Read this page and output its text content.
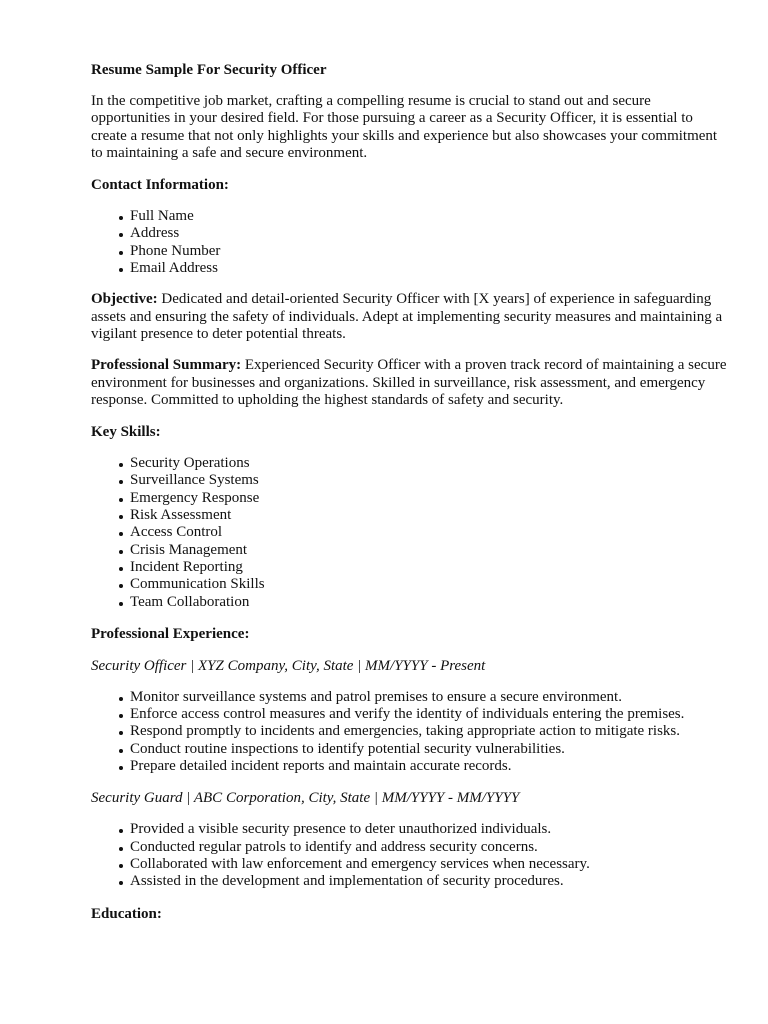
Resume Sample For Security Officer
In the competitive job market, crafting a compelling resume is crucial to stand out and secure opportunities in your desired field. For those pursuing a career as a Security Officer, it is essential to create a resume that not only highlights your skills and experience but also showcases your commitment to maintaining a safe and secure environment.
Contact Information:
Full Name
Address
Phone Number
Email Address
Objective: Dedicated and detail-oriented Security Officer with [X years] of experience in safeguarding assets and ensuring the safety of individuals. Adept at implementing security measures and maintaining a vigilant presence to deter potential threats.
Professional Summary: Experienced Security Officer with a proven track record of maintaining a secure environment for businesses and organizations. Skilled in surveillance, risk assessment, and emergency response. Committed to upholding the highest standards of safety and security.
Key Skills:
Security Operations
Surveillance Systems
Emergency Response
Risk Assessment
Access Control
Crisis Management
Incident Reporting
Communication Skills
Team Collaboration
Professional Experience:
Security Officer | XYZ Company, City, State | MM/YYYY - Present
Monitor surveillance systems and patrol premises to ensure a secure environment.
Enforce access control measures and verify the identity of individuals entering the premises.
Respond promptly to incidents and emergencies, taking appropriate action to mitigate risks.
Conduct routine inspections to identify potential security vulnerabilities.
Prepare detailed incident reports and maintain accurate records.
Security Guard | ABC Corporation, City, State | MM/YYYY - MM/YYYY
Provided a visible security presence to deter unauthorized individuals.
Conducted regular patrols to identify and address security concerns.
Collaborated with law enforcement and emergency services when necessary.
Assisted in the development and implementation of security procedures.
Education:
